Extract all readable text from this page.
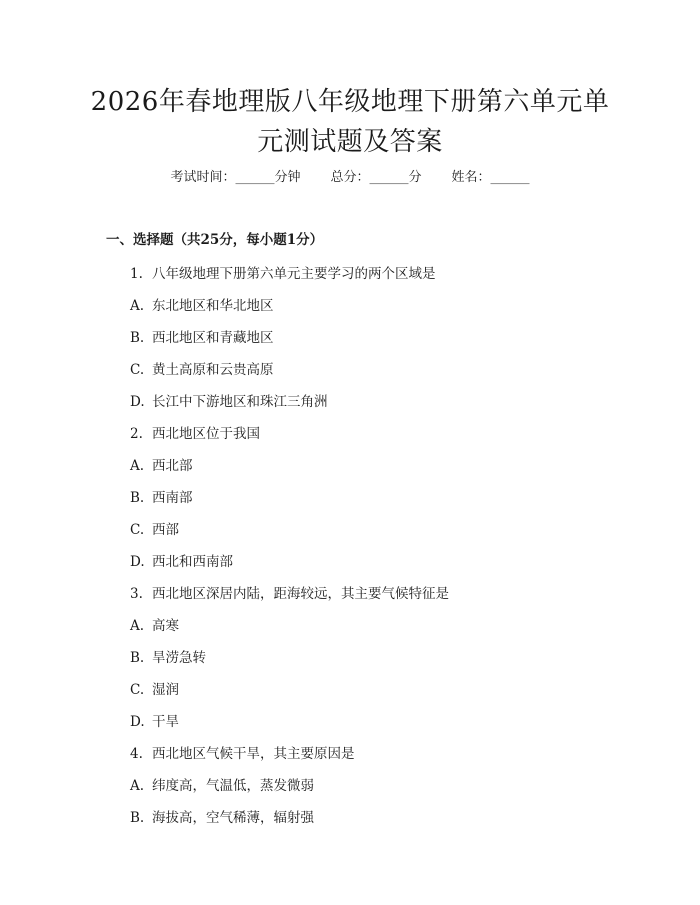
2026年春地理版八年级地理下册第六单元单
元测试题及答案
考试时间：______分钟 总分：______分 姓名：______
一、选择题（共25分，每小题1分）
1. 八年级地理下册第六单元主要学习的两个区域是
A. 东北地区和华北地区
B. 西北地区和青藏地区
C. 黄土高原和云贵高原
D. 长江中下游地区和珠江三角洲
2. 西北地区位于我国
A. 西北部
B. 西南部
C. 西部
D. 西北和西南部
3. 西北地区深居内陆，距海较远，其主要气候特征是
A. 高寒
B. 旱涝急转
C. 湿润
D. 干旱
4. 西北地区气候干旱，其主要原因是
A. 纬度高，气温低，蒸发微弱
B. 海拔高，空气稀薄，辐射强
